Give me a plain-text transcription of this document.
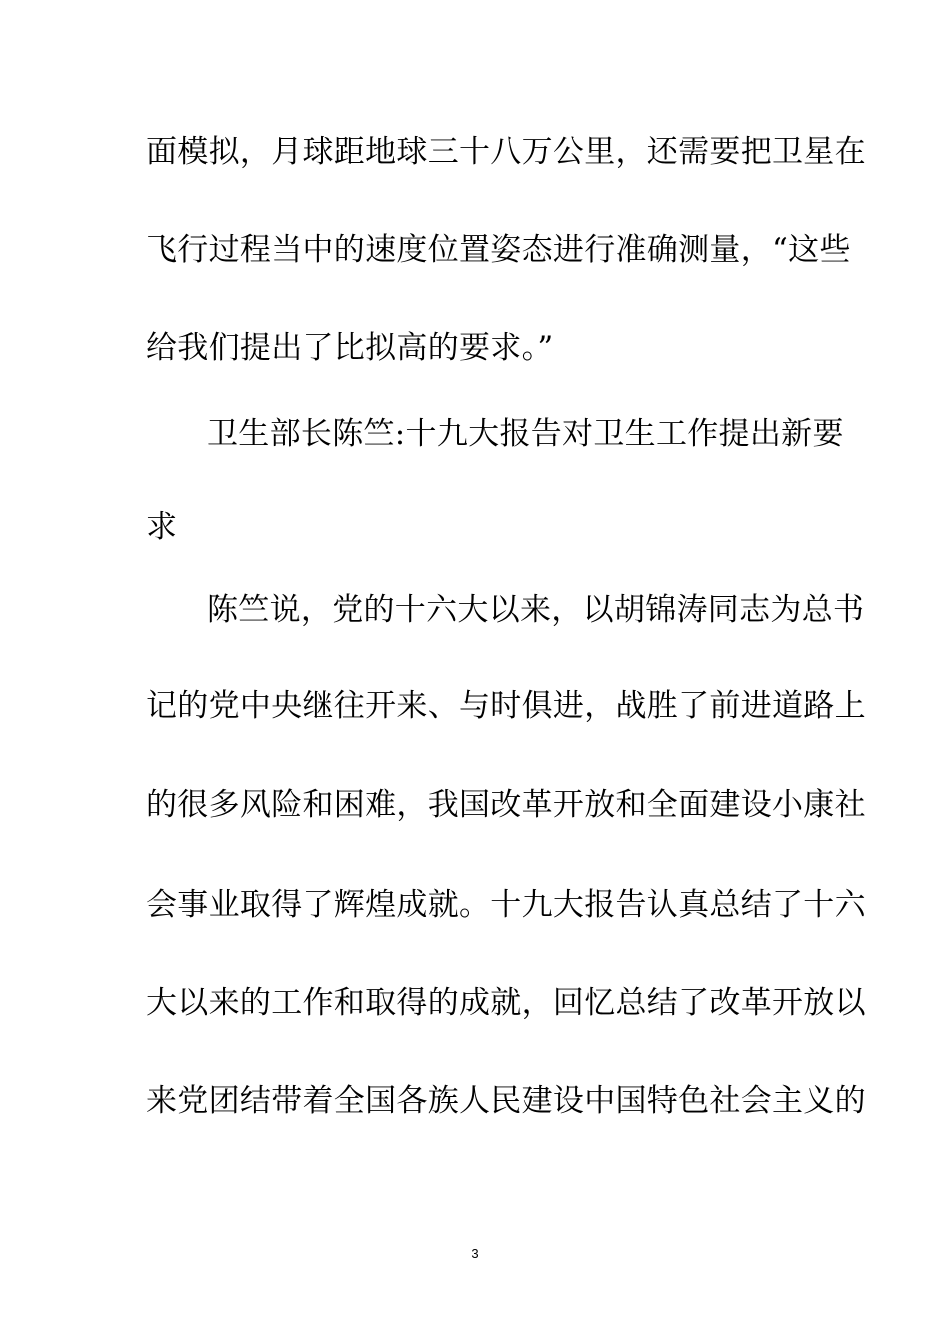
面模拟，月球距地球三十八万公里，还需要把卫星在
飞行过程当中的速度位置姿态进行准确测量，“这些
给我们提出了比拟高的要求。”
卫生部长陈竺:十九大报告对卫生工作提出新要
求
陈竺说，党的十六大以来，以胡锦涛同志为总书
记的党中央继往开来、与时俱进，战胜了前进道路上
的很多风险和困难，我国改革开放和全面建设小康社
会事业取得了辉煌成就。十九大报告认真总结了十六
大以来的工作和取得的成就，回忆总结了改革开放以
来党团结带着全国各族人民建设中国特色社会主义的
3
